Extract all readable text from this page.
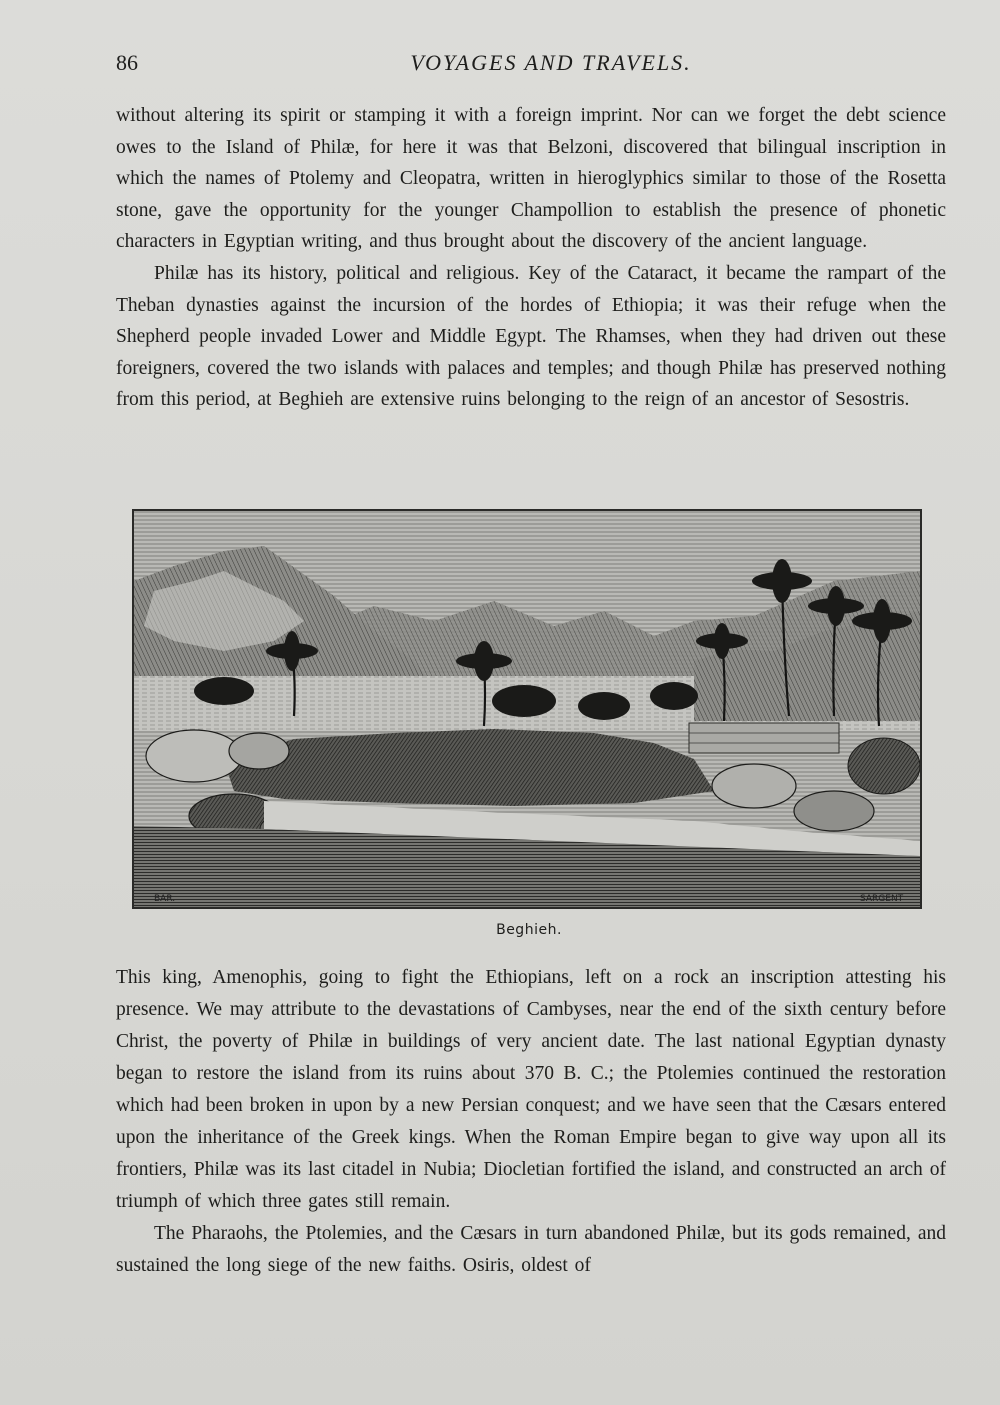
86	VOYAGES AND TRAVELS.

without altering its spirit or stamping it with a foreign imprint. Nor can we forget the debt science owes to the Island of Philæ, for here it was that Belzoni, discovered that bilingual inscription in which the names of Ptolemy and Cleopatra, written in hieroglyphics similar to those of the Rosetta stone, gave the opportunity for the younger Champollion to establish the presence of phonetic characters in Egyptian writing, and thus brought about the discovery of the ancient language.

Philæ has its history, political and religious. Key of the Cataract, it became the rampart of the Theban dynasties against the incursion of the hordes of Ethiopia; it was their refuge when the Shepherd people invaded Lower and Middle Egypt. The Rhamses, when they had driven out these foreigners, covered the two islands with palaces and temples; and though Philæ has preserved nothing from this period, at Beghieh are extensive ruins belonging to the reign of an ancestor of Sesostris.

BAR.	SARGENT
Beghieh.

This king, Amenophis, going to fight the Ethiopians, left on a rock an inscription attesting his presence. We may attribute to the devastations of Cambyses, near the end of the sixth century before Christ, the poverty of Philæ in buildings of very ancient date. The last national Egyptian dynasty began to restore the island from its ruins about 370 B. C.; the Ptolemies continued the restoration which had been broken in upon by a new Persian conquest; and we have seen that the Cæsars entered upon the inheritance of the Greek kings. When the Roman Empire began to give way upon all its frontiers, Philæ was its last citadel in Nubia; Diocletian fortified the island, and constructed an arch of triumph of which three gates still remain.

The Pharaohs, the Ptolemies, and the Cæsars in turn abandoned Philæ, but its gods remained, and sustained the long siege of the new faiths. Osiris, oldest of
